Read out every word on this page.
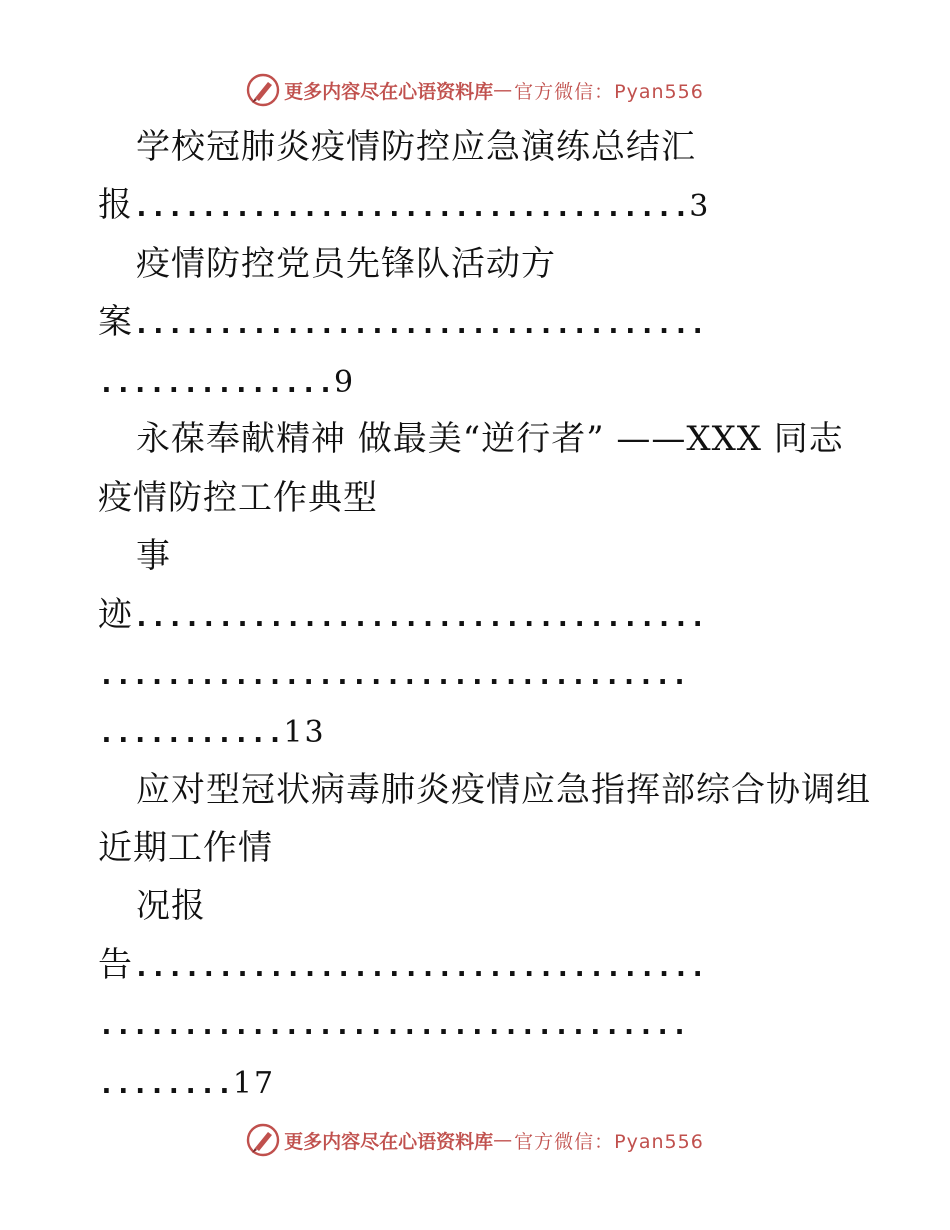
更多内容尽在心语资料库 — 官方微信：Pyan556
学校冠肺炎疫情防控应急演练总结汇
报.................................3
疫情防控党员先锋队活动方
案..................................
..............9
永葆奉献精神 做最美“逆行者” ——XXX 同志
疫情防控工作典型
事
迹..................................
...................................
...........13
应对型冠状病毒肺炎疫情应急指挥部综合协调组
近期工作情
况报
告..................................
...................................
........17
更多内容尽在心语资料库 — 官方微信：Pyan556
